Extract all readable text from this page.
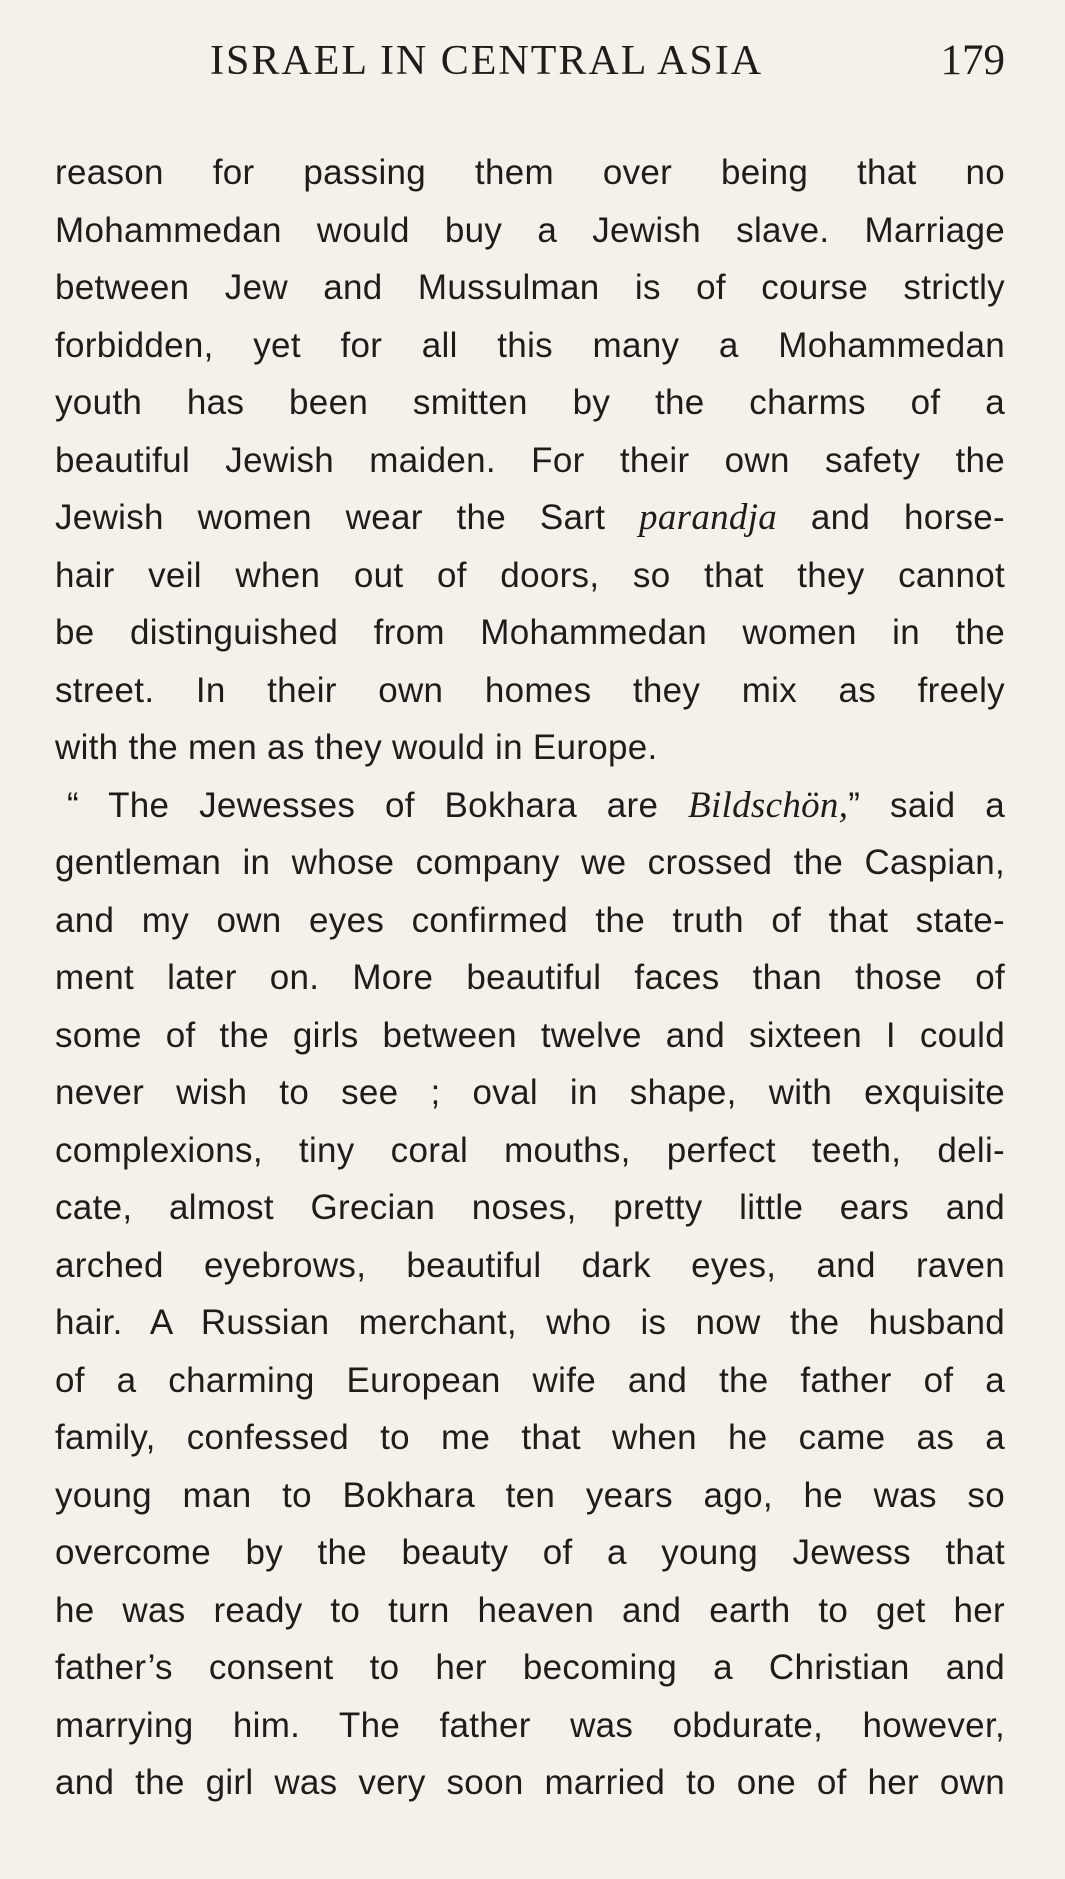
ISRAEL IN CENTRAL ASIA	179
reason for passing them over being that no
Mohammedan would buy a Jewish slave. Marriage
between Jew and Mussulman is of course strictly
forbidden, yet for all this many a Mohammedan
youth has been smitten by the charms of a
beautiful Jewish maiden. For their own safety the
Jewish women wear the Sart parandja and horse-
hair veil when out of doors, so that they cannot
be distinguished from Mohammedan women in the
street. In their own homes they mix as freely
with the men as they would in Europe.
“ The Jewesses of Bokhara are Bildschön,” said a
gentleman in whose company we crossed the Caspian,
and my own eyes confirmed the truth of that state-
ment later on. More beautiful faces than those of
some of the girls between twelve and sixteen I could
never wish to see ; oval in shape, with exquisite
complexions, tiny coral mouths, perfect teeth, deli-
cate, almost Grecian noses, pretty little ears and
arched eyebrows, beautiful dark eyes, and raven
hair. A Russian merchant, who is now the husband
of a charming European wife and the father of a
family, confessed to me that when he came as a
young man to Bokhara ten years ago, he was so
overcome by the beauty of a young Jewess that
he was ready to turn heaven and earth to get her
father’s consent to her becoming a Christian and
marrying him. The father was obdurate, however,
and the girl was very soon married to one of her own
